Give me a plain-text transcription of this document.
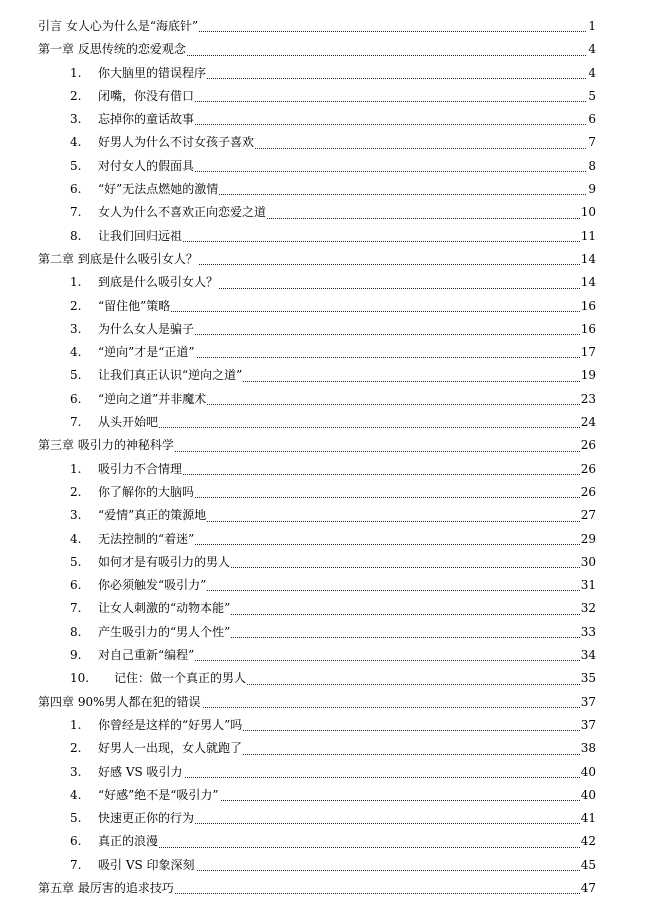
引言 女人心为什么是“海底针”	1
第一章 反思传统的恋爱观念	4
1. 你大脑里的错误程序	4
2. 闭嘴，你没有借口	5
3. 忘掉你的童话故事	6
4. 好男人为什么不讨女孩子喜欢	7
5. 对付女人的假面具	8
6. “好”无法点燃她的激情	9
7. 女人为什么不喜欢正向恋爱之道	10
8. 让我们回归远祖	11
第二章 到底是什么吸引女人？	14
1. 到底是什么吸引女人？	14
2. “留住他”策略	16
3. 为什么女人是骗子	16
4. “逆向”才是“正道”	17
5. 让我们真正认识“逆向之道”	19
6. “逆向之道”并非魔术	23
7. 从头开始吧	24
第三章 吸引力的神秘科学	26
1. 吸引力不合情理	26
2. 你了解你的大脑吗	26
3. “爱情”真正的策源地	27
4. 无法控制的“着迷”	29
5. 如何才是有吸引力的男人	30
6. 你必须触发“吸引力”	31
7. 让女人刺激的“动物本能”	32
8. 产生吸引力的“男人个性”	33
9. 对自己重新“编程”	34
10. 记住：做一个真正的男人	35
第四章 90%男人都在犯的错误	37
1. 你曾经是这样的“好男人”吗	37
2. 好男人一出现，女人就跑了	38
3. 好感 VS 吸引力	40
4. “好感”绝不是“吸引力”	40
5. 快速更正你的行为	41
6. 真正的浪漫	42
7. 吸引 VS 印象深刻	45
第五章 最厉害的追求技巧	47
